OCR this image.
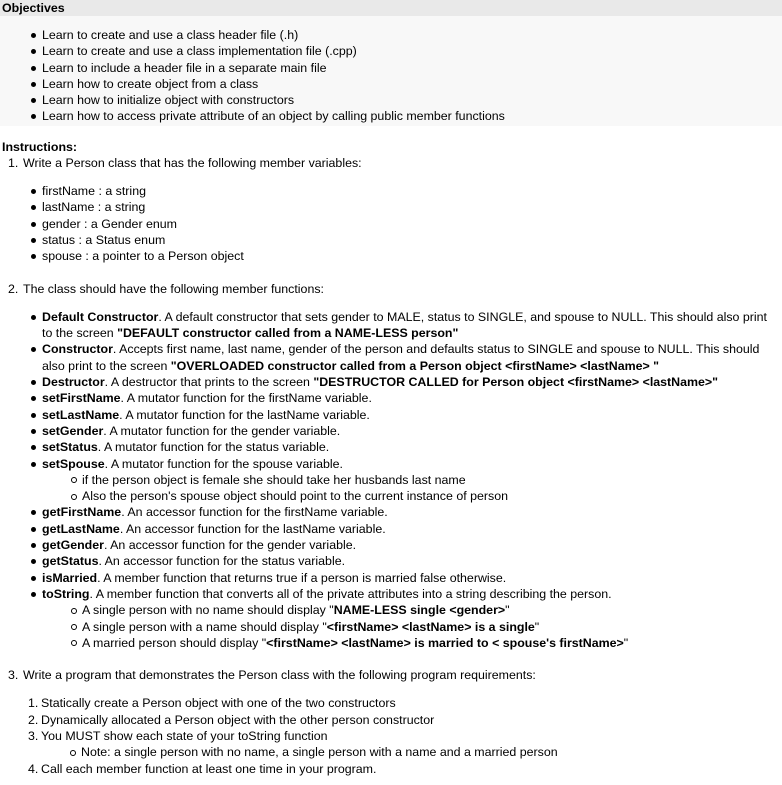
Objectives
Learn to create and use a class header file (.h)
Learn to create and use a class implementation file (.cpp)
Learn to include a header file in a separate main file
Learn how to create object from a class
Learn how to initialize object with constructors
Learn how to access private attribute of an object by calling public member functions
Instructions:
1. Write a Person class that has the following member variables:
firstName : a string
lastName : a string
gender : a Gender enum
status : a Status enum
spouse : a pointer to a Person object
2. The class should have the following member functions:
Default Constructor. A default constructor that sets gender to MALE, status to SINGLE, and spouse to NULL. This should also print to the screen "DEFAULT constructor called from a NAME-LESS person"
Constructor. Accepts first name, last name, gender of the person and defaults status to SINGLE and spouse to NULL. This should also print to the screen "OVERLOADED constructor called from a Person object <firstName> <lastName> "
Destructor. A destructor that prints to the screen "DESTRUCTOR CALLED for Person object <firstName> <lastName>"
setFirstName. A mutator function for the firstName variable.
setLastName. A mutator function for the lastName variable.
setGender. A mutator function for the gender variable.
setStatus. A mutator function for the status variable.
setSpouse. A mutator function for the spouse variable.
if the person object is female she should take her husbands last name
Also the person's spouse object should point to the current instance of person
getFirstName. An accessor function for the firstName variable.
getLastName. An accessor function for the lastName variable.
getGender. An accessor function for the gender variable.
getStatus. An accessor function for the status variable.
isMarried. A member function that returns true if a person is married false otherwise.
toString. A member function that converts all of the private attributes into a string describing the person.
A single person with no name should display "NAME-LESS single <gender>"
A single person with a name should display "<firstName> <lastName> is a single"
A married person should display "<firstName> <lastName> is married to < spouse's firstName>"
3. Write a program that demonstrates the Person class with the following program requirements:
1. Statically create a Person object with one of the two constructors
2. Dynamically allocated a Person object with the other person constructor
3. You MUST show each state of your toString function
Note: a single person with no name, a single person with a name and a married person
4. Call each member function at least one time in your program.
